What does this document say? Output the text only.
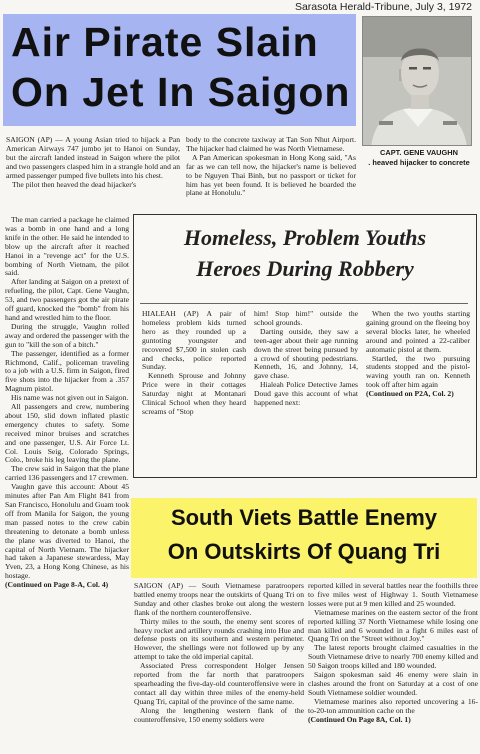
Sarasota Herald-Tribune, July 3, 1972
Air Pirate Slain
On Jet In Saigon
CAPT. GENE VAUGHN
. heaved hijacker to concrete

SAIGON (AP) — A young Asian tried to hijack a Pan American Airways 747 jumbo jet to Hanoi on Sunday, but the aircraft landed instead in Saigon where the pilot and two passengers clasped him in a strangle hold and an armed passenger pumped five bullets into his chest.

The pilot then heaved the dead hijacker's

body to the concrete taxiway at Tan Son Nhut Airport. The hijacker had claimed he was North Vietnamese.

A Pan American spokesman in Hong Kong said, "As far as we can tell now, the hijacker's name is believed to be Nguyen Thai Binh, but no passport or ticket for him has yet been found. It is believed he boarded the plane at Honolulu."

The man carried a package he claimed was a bomb in one hand and a long knife in the other. He said he intended to blow up the aircraft after it reached Hanoi in a "revenge act" for the U.S. bombing of North Vietnam, the pilot said.

After landing at Saigon on a pretext of refueling, the pilot, Capt. Gene Vaughn, 53, and two passengers got the air pirate off guard, knocked the "bomb" from his hand and wrestled him to the floor.

During the struggle, Vaughn rolled away and ordered the passenger with the gun to "kill the son of a bitch."

The passenger, identified as a former Richmond, Calif., policeman traveling to a job with a U.S. firm in Saigon, fired five shots into the hijacker from a .357 Magnum pistol.

His name was not given out in Saigon.

All passengers and crew, numbering about 150, slid down inflated plastic emergency chutes to safety. Some received minor bruises and scratches and one passenger, U.S. Air Force Lt. Col. Louis Seig, Colorado Springs, Colo., broke his leg leaving the plane.

The crew said in Saigon that the plane carried 136 passengers and 17 crewmen.

Vaughn gave this account: About 45 minutes after Pan Am Flight 841 from San Francisco, Honolulu and Guam took off from Manila for Saigon, the young man passed notes to the crew cabin threatening to detonate a bomb unless the plane was diverted to Hanoi, the capital of North Vietnam. The hijacker had taken a Japanese stewardess, May Yven, 23, a Hong Kong Chinese, as his hostage.

(Continued on Page 8-A, Col. 4)

Homeless, Problem Youths
Heroes During Robbery

HIALEAH (AP) A pair of homeless problem kids turned hero as they rounded up a guntoting youngster and recovered $7,500 in stolen cash and checks, police reported Sunday.

Kenneth Sprouse and Johnny Price were in their cottages Saturday night at Montanari Clinical School when they heard screams of "Stop

him! Stop him!" outside the school grounds.

Darting outside, they saw a teen-ager about their age running down the street being pursued by a crowd of shouting pedestrians. Kenneth, 16, and Johnny, 14, gave chase.

Hialeah Police Detective James Doud gave this account of what happened next:

When the two youths starting gaining ground on the fleeing boy several blocks later, he wheeled around and pointed a 22-caliber automatic pistol at them.

Startled, the two pursuing students stopped and the pistol-waving youth ran on. Kenneth took off after him again

(Continued on P2A, Col. 2)

South Viets Battle Enemy
On Outskirts Of Quang Tri

SAIGON (AP) — South Vietnamese paratroopers battled enemy troops near the outskirts of Quang Tri on Sunday and other clashes broke out along the western flank of the northern counteroffensive.

Thirty miles to the south, the enemy sent scores of heavy rocket and artillery rounds crashing into Hue and defense posts on its southern and western perimeter. However, the shellings were not followed up by any attempt to take the old imperial capital.

Associated Press correspondent Holger Jensen reported from the far north that paratroopers spearheading the five-day-old counteroffensive were in contact all day within three miles of the enemy-held Quang Tri, capital of the province of the same name.

Along the lengthening western flank of the counteroffensive, 150 enemy soldiers were

reported killed in several battles near the foothills three to five miles west of Highway 1. South Vietnamese losses were put at 9 men killed and 25 wounded.

Vietnamese marines on the eastern sector of the front reported killing 37 North Vietnamese while losing one man killed and 6 wounded in a fight 6 miles east of Quang Tri on the "Street without Joy."

The latest reports brought claimed casualties in the South Vietnamese drive to nearly 700 enemy killed and 50 Saigon troops killed and 180 wounded.

Saigon spokesman said 46 enemy were slain in clashes around the front on Saturday at a cost of one South Vietnamese soldier wounded.

Vietnamese marines also reported uncovering a 16-to-20-ton ammunition cache on the

(Continued On Page 8A, Col. 1)
